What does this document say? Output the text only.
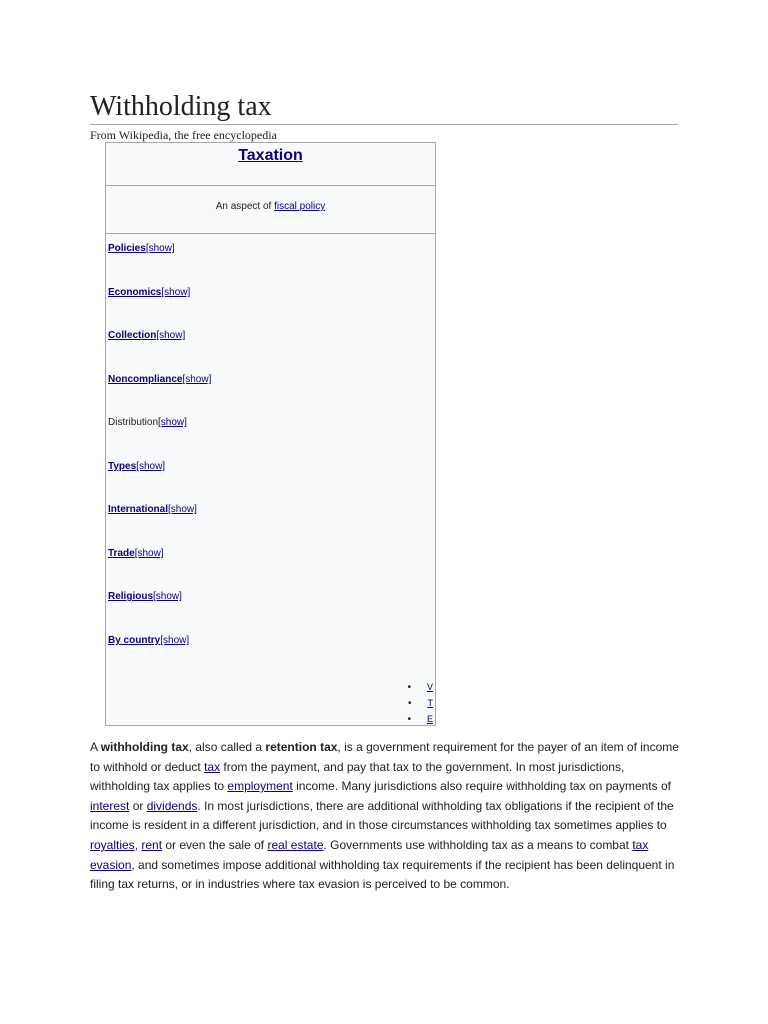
Withholding tax
From Wikipedia, the free encyclopedia
Taxation
An aspect of fiscal policy
Policies[show]
Economics[show]
Collection[show]
Noncompliance[show]
Distribution[show]
Types[show]
International[show]
Trade[show]
Religious[show]
By country[show]
• V
• T
• E

A withholding tax, also called a retention tax, is a government requirement for the payer of an item of income to withhold or deduct tax from the payment, and pay that tax to the government. In most jurisdictions, withholding tax applies to employment income. Many jurisdictions also require withholding tax on payments of interest or dividends. In most jurisdictions, there are additional withholding tax obligations if the recipient of the income is resident in a different jurisdiction, and in those circumstances withholding tax sometimes applies to royalties, rent or even the sale of real estate. Governments use withholding tax as a means to combat tax evasion, and sometimes impose additional withholding tax requirements if the recipient has been delinquent in filing tax returns, or in industries where tax evasion is perceived to be common.
